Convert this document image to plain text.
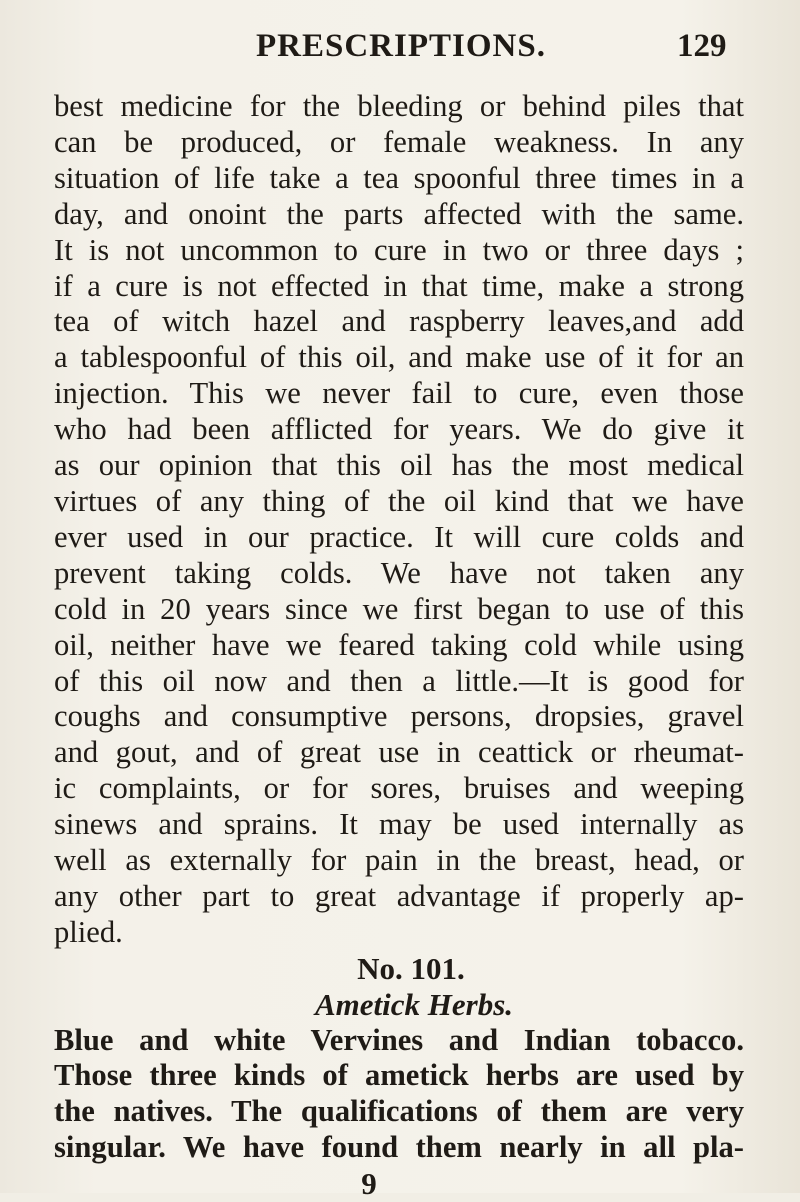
PRESCRIPTIONS.	129
best medicine for the bleeding or behind piles that
can be produced, or female weakness. In any
situation of life take a tea spoonful three times in a
day, and onoint the parts affected with the same.
It is not uncommon to cure in two or three days ;
if a cure is not effected in that time, make a strong
tea of witch hazel and raspberry leaves,and add
a tablespoonful of this oil, and make use of it for an
injection. This we never fail to cure, even those
who had been afflicted for years. We do give it
as our opinion that this oil has the most medical
virtues of any thing of the oil kind that we have
ever used in our practice. It will cure colds and
prevent taking colds. We have not taken any
cold in 20 years since we first began to use of this
oil, neither have we feared taking cold while using
of this oil now and then a little.—It is good for
coughs and consumptive persons, dropsies, gravel
and gout, and of great use in ceattick or rheumat-
ic complaints, or for sores, bruises and weeping
sinews and sprains. It may be used internally as
well as externally for pain in the breast, head, or
any other part to great advantage if properly ap-
plied.
No. 101.
Ametick Herbs.
Blue and white Vervines and Indian tobacco.
Those three kinds of ametick herbs are used by
the natives. The qualifications of them are very
singular. We have found them nearly in all pla-
9
